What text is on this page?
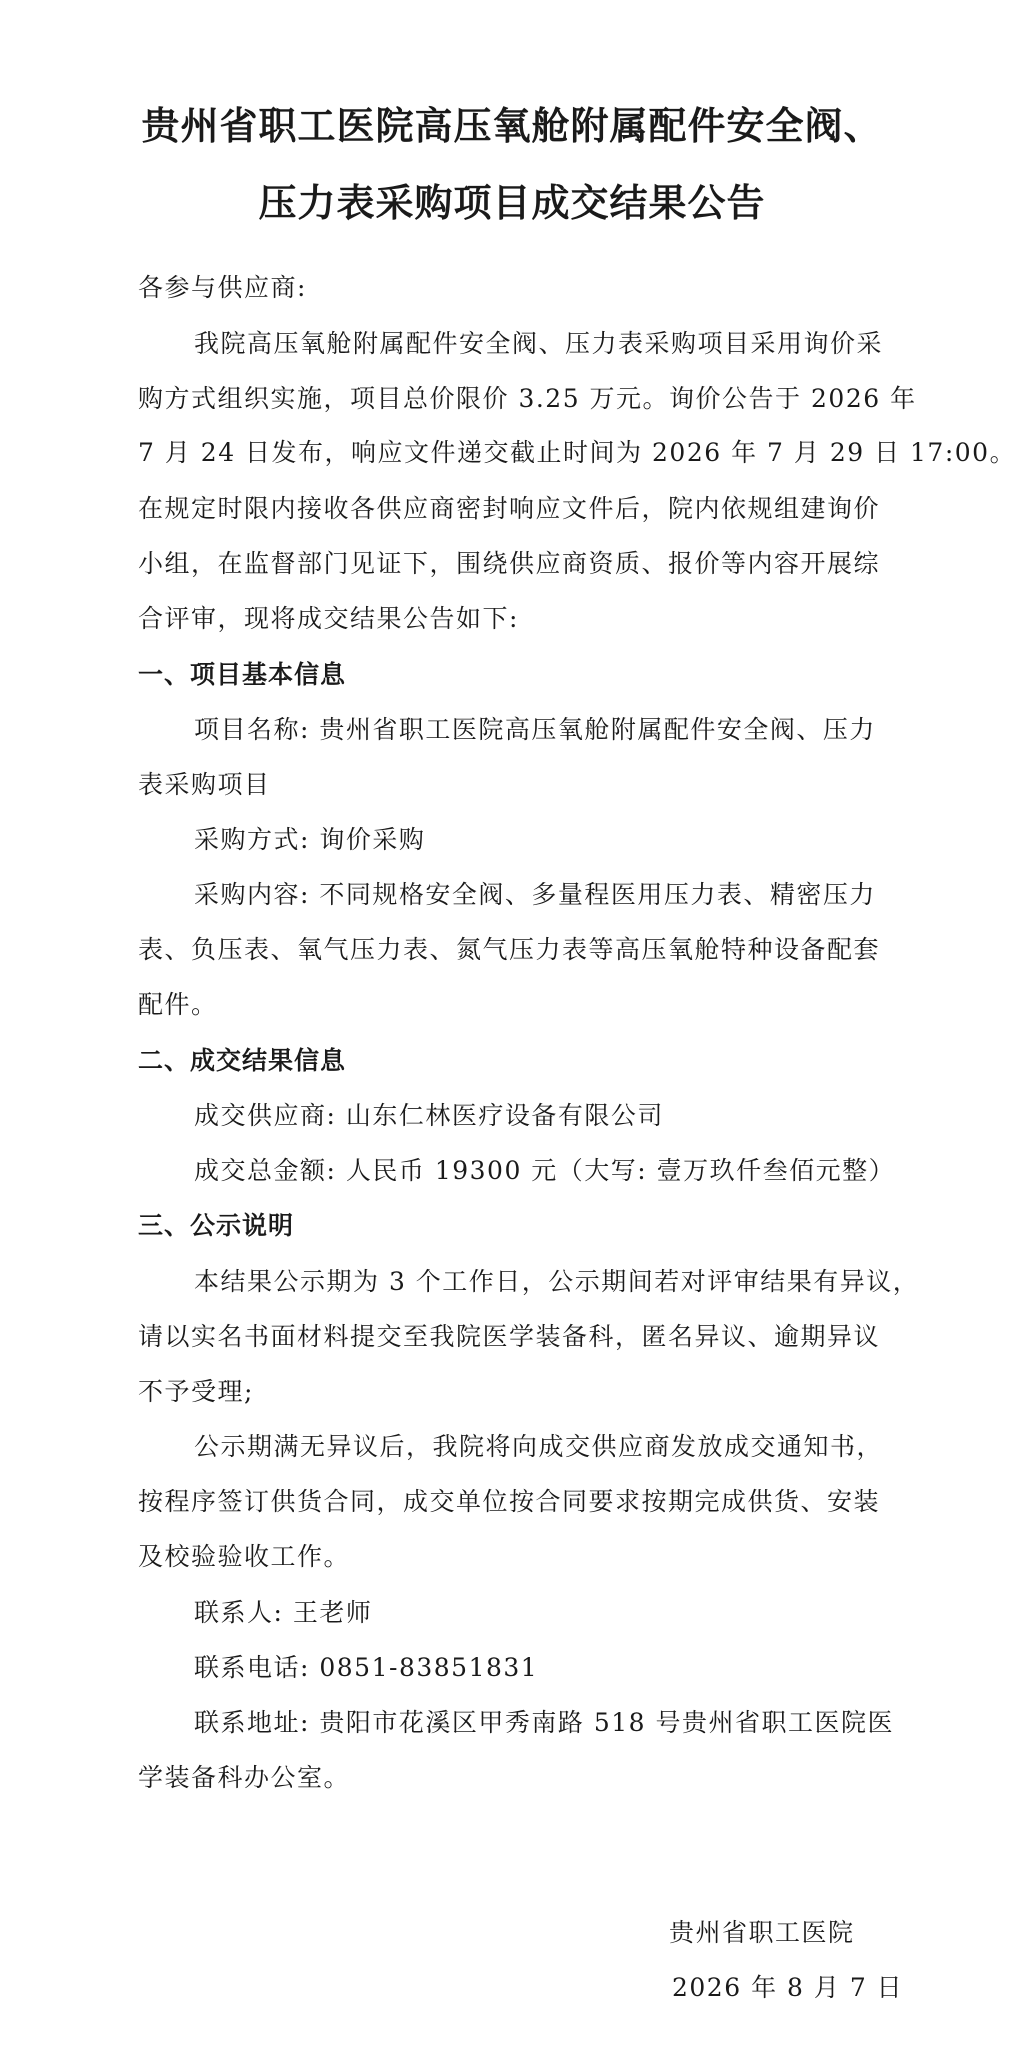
贵州省职工医院高压氧舱附属配件安全阀、
压力表采购项目成交结果公告
各参与供应商:
我院高压氧舱附属配件安全阀、压力表采购项目采用询价采
购方式组织实施，项目总价限价 3.25 万元。询价公告于 2026 年
7 月 24 日发布，响应文件递交截止时间为 2026 年 7 月 29 日 17:00。
在规定时限内接收各供应商密封响应文件后，院内依规组建询价
小组，在监督部门见证下，围绕供应商资质、报价等内容开展综
合评审，现将成交结果公告如下:
一、项目基本信息
项目名称: 贵州省职工医院高压氧舱附属配件安全阀、压力
表采购项目
采购方式: 询价采购
采购内容: 不同规格安全阀、多量程医用压力表、精密压力
表、负压表、氧气压力表、氮气压力表等高压氧舱特种设备配套
配件。
二、成交结果信息
成交供应商: 山东仁林医疗设备有限公司
成交总金额: 人民币 19300 元（大写: 壹万玖仟叁佰元整）
三、公示说明
本结果公示期为 3 个工作日，公示期间若对评审结果有异议，
请以实名书面材料提交至我院医学装备科，匿名异议、逾期异议
不予受理;
公示期满无异议后，我院将向成交供应商发放成交通知书，
按程序签订供货合同，成交单位按合同要求按期完成供货、安装
及校验验收工作。
联系人: 王老师
联系电话: 0851-83851831
联系地址: 贵阳市花溪区甲秀南路 518 号贵州省职工医院医
学装备科办公室。
贵州省职工医院
2026 年 8 月 7 日
